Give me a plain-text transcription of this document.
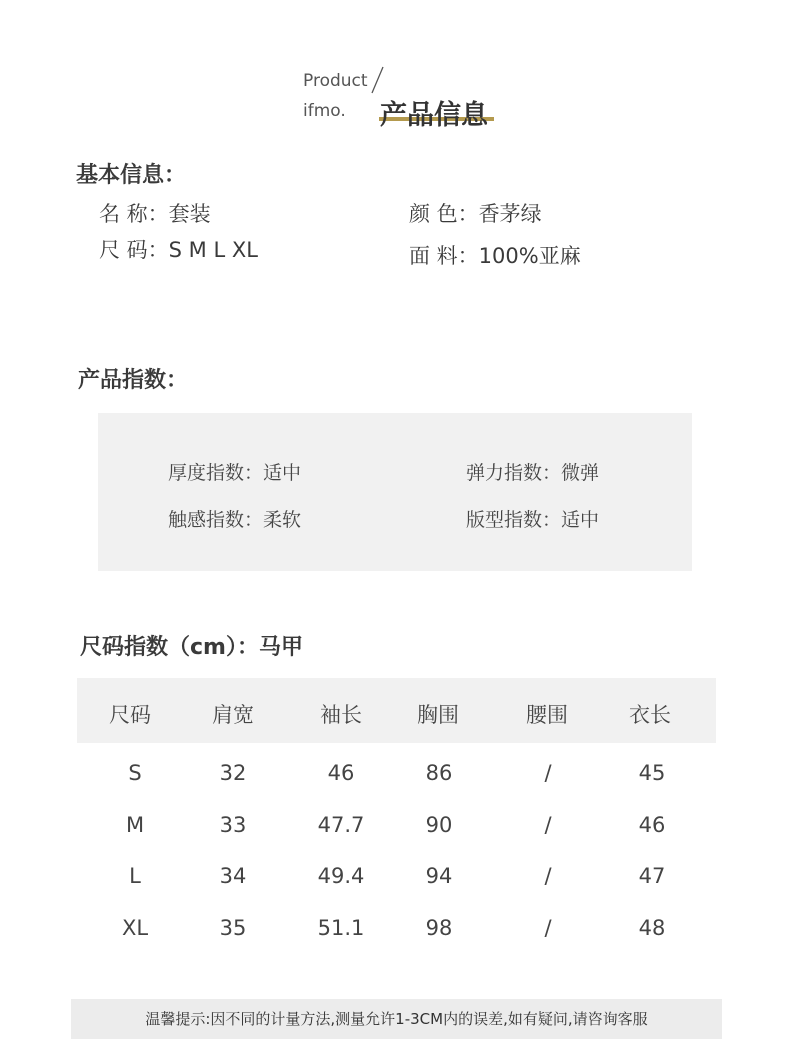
Product
ifmo. 产品信息
基本信息：
名 称：套装
尺 码：S M L XL
颜 色：香茅绿
面 料：100%亚麻
产品指数：
厚度指数：适中	弹力指数：微弹
触感指数：柔软	版型指数：适中
尺码指数（cm）：马甲
尺码	肩宽	袖长	胸围	腰围	衣长
S	32	46	86	/	45
M	33	47.7	90	/	46
L	34	49.4	94	/	47
XL	35	51.1	98	/	48
温馨提示:因不同的计量方法,测量允许1-3CM内的误差,如有疑问,请咨询客服
